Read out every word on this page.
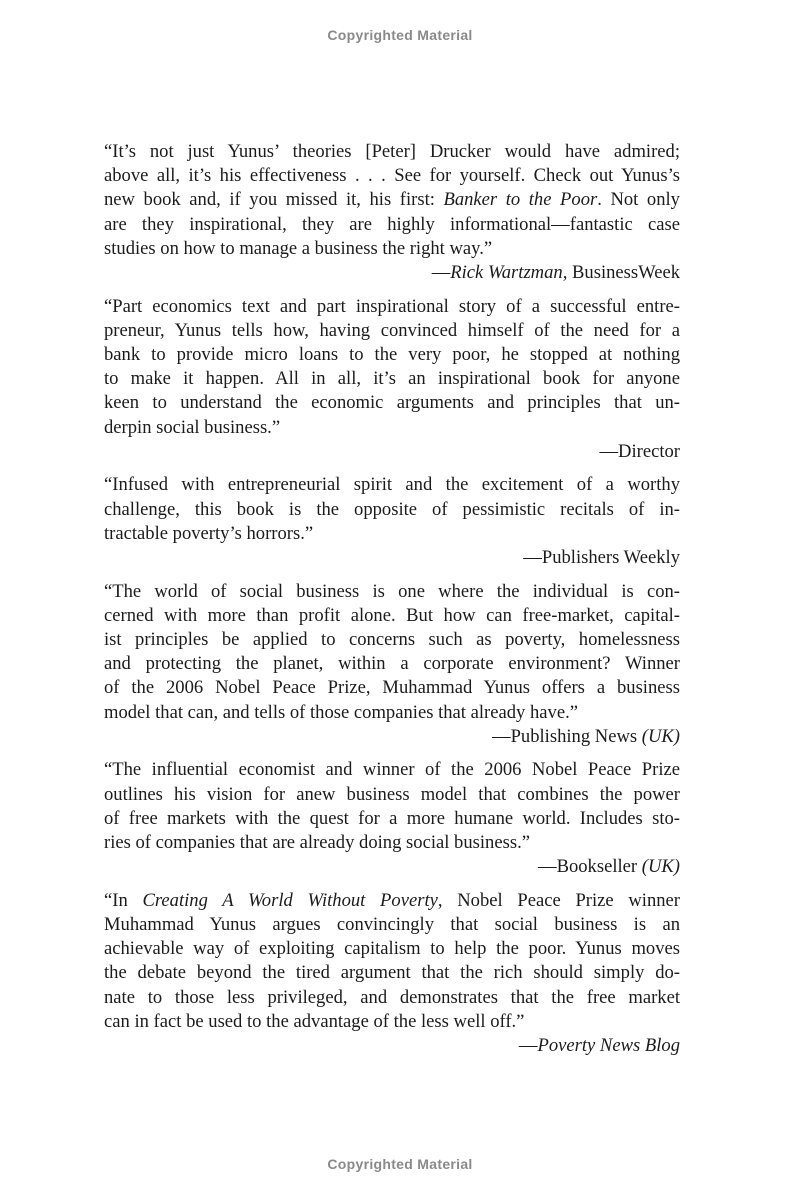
Copyrighted Material
“It’s not just Yunus’ theories [Peter] Drucker would have admired;
above all, it’s his effectiveness . . . See for yourself. Check out Yunus’s
new book and, if you missed it, his first: Banker to the Poor. Not only
are they inspirational, they are highly informational—fantastic case
studies on how to manage a business the right way.”
—Rick Wartzman, BusinessWeek
“Part economics text and part inspirational story of a successful entre-
preneur, Yunus tells how, having convinced himself of the need for a
bank to provide micro loans to the very poor, he stopped at nothing
to make it happen. All in all, it’s an inspirational book for anyone
keen to understand the economic arguments and principles that un-
derpin social business.”
—Director
“Infused with entrepreneurial spirit and the excitement of a worthy
challenge, this book is the opposite of pessimistic recitals of in-
tractable poverty’s horrors.”
—Publishers Weekly
“The world of social business is one where the individual is con-
cerned with more than profit alone. But how can free-market, capital-
ist principles be applied to concerns such as poverty, homelessness
and protecting the planet, within a corporate environment? Winner
of the 2006 Nobel Peace Prize, Muhammad Yunus offers a business
model that can, and tells of those companies that already have.”
—Publishing News (UK)
“The influential economist and winner of the 2006 Nobel Peace Prize
outlines his vision for anew business model that combines the power
of free markets with the quest for a more humane world. Includes sto-
ries of companies that are already doing social business.”
—Bookseller (UK)
“In Creating A World Without Poverty, Nobel Peace Prize winner
Muhammad Yunus argues convincingly that social business is an
achievable way of exploiting capitalism to help the poor. Yunus moves
the debate beyond the tired argument that the rich should simply do-
nate to those less privileged, and demonstrates that the free market
can in fact be used to the advantage of the less well off.”
—Poverty News Blog
Copyrighted Material
